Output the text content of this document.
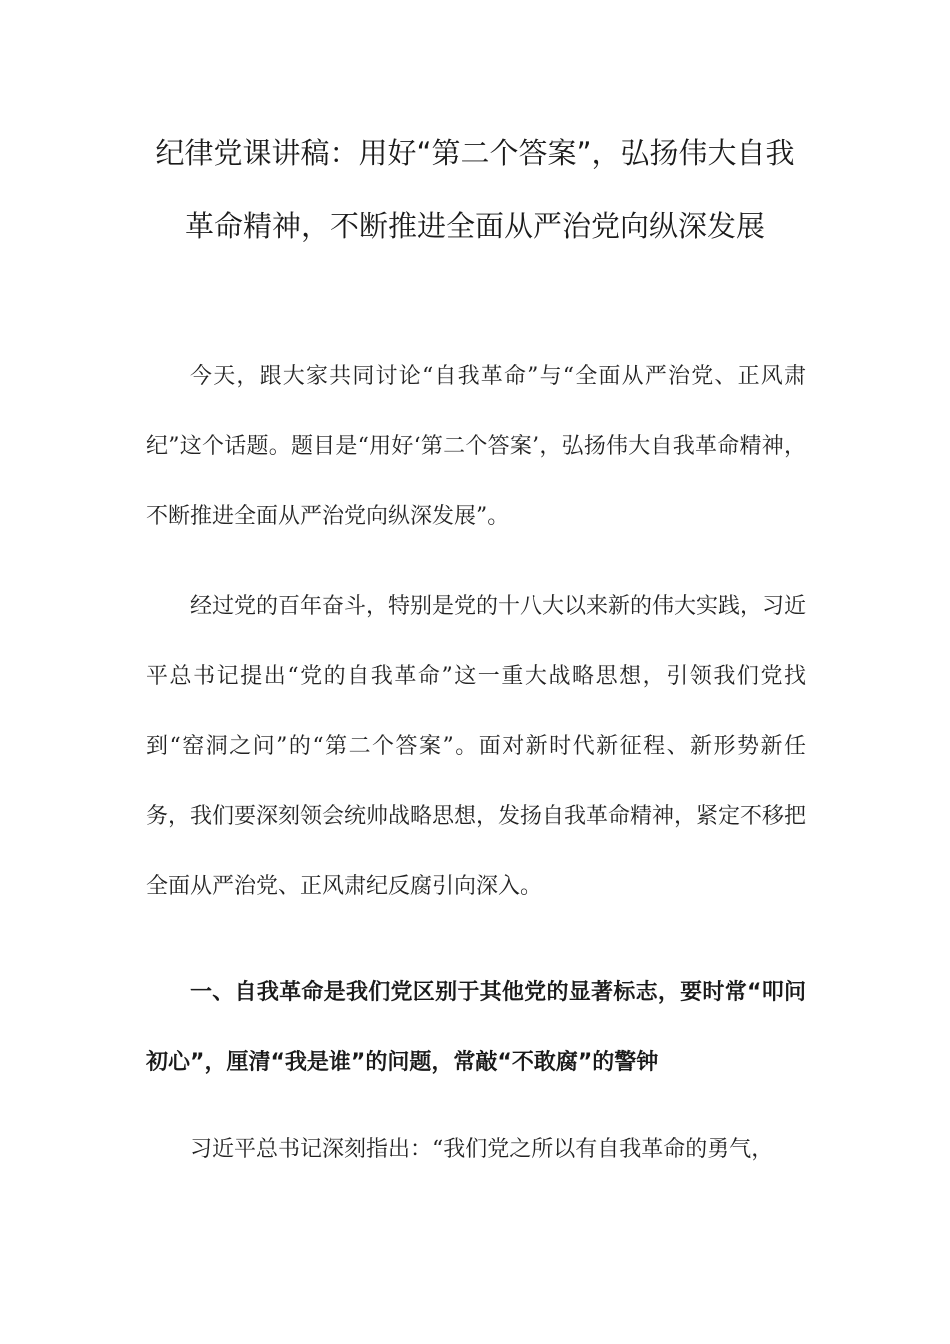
纪律党课讲稿：用好“第二个答案”，弘扬伟大自我
革命精神，不断推进全面从严治党向纵深发展

今天，跟大家共同讨论“自我革命”与“全面从严治党、正风肃纪”这个话题。题目是“用好‘第二个答案’，弘扬伟大自我革命精神，不断推进全面从严治党向纵深发展”。

经过党的百年奋斗，特别是党的十八大以来新的伟大实践，习近平总书记提出“党的自我革命”这一重大战略思想，引领我们党找到“窑洞之问”的“第二个答案”。面对新时代新征程、新形势新任务，我们要深刻领会统帅战略思想，发扬自我革命精神，紧定不移把全面从严治党、正风肃纪反腐引向深入。

一、自我革命是我们党区别于其他党的显著标志，要时常“叩问初心”，厘清“我是谁”的问题，常敲“不敢腐”的警钟

习近平总书记深刻指出：“我们党之所以有自我革命的勇气，
